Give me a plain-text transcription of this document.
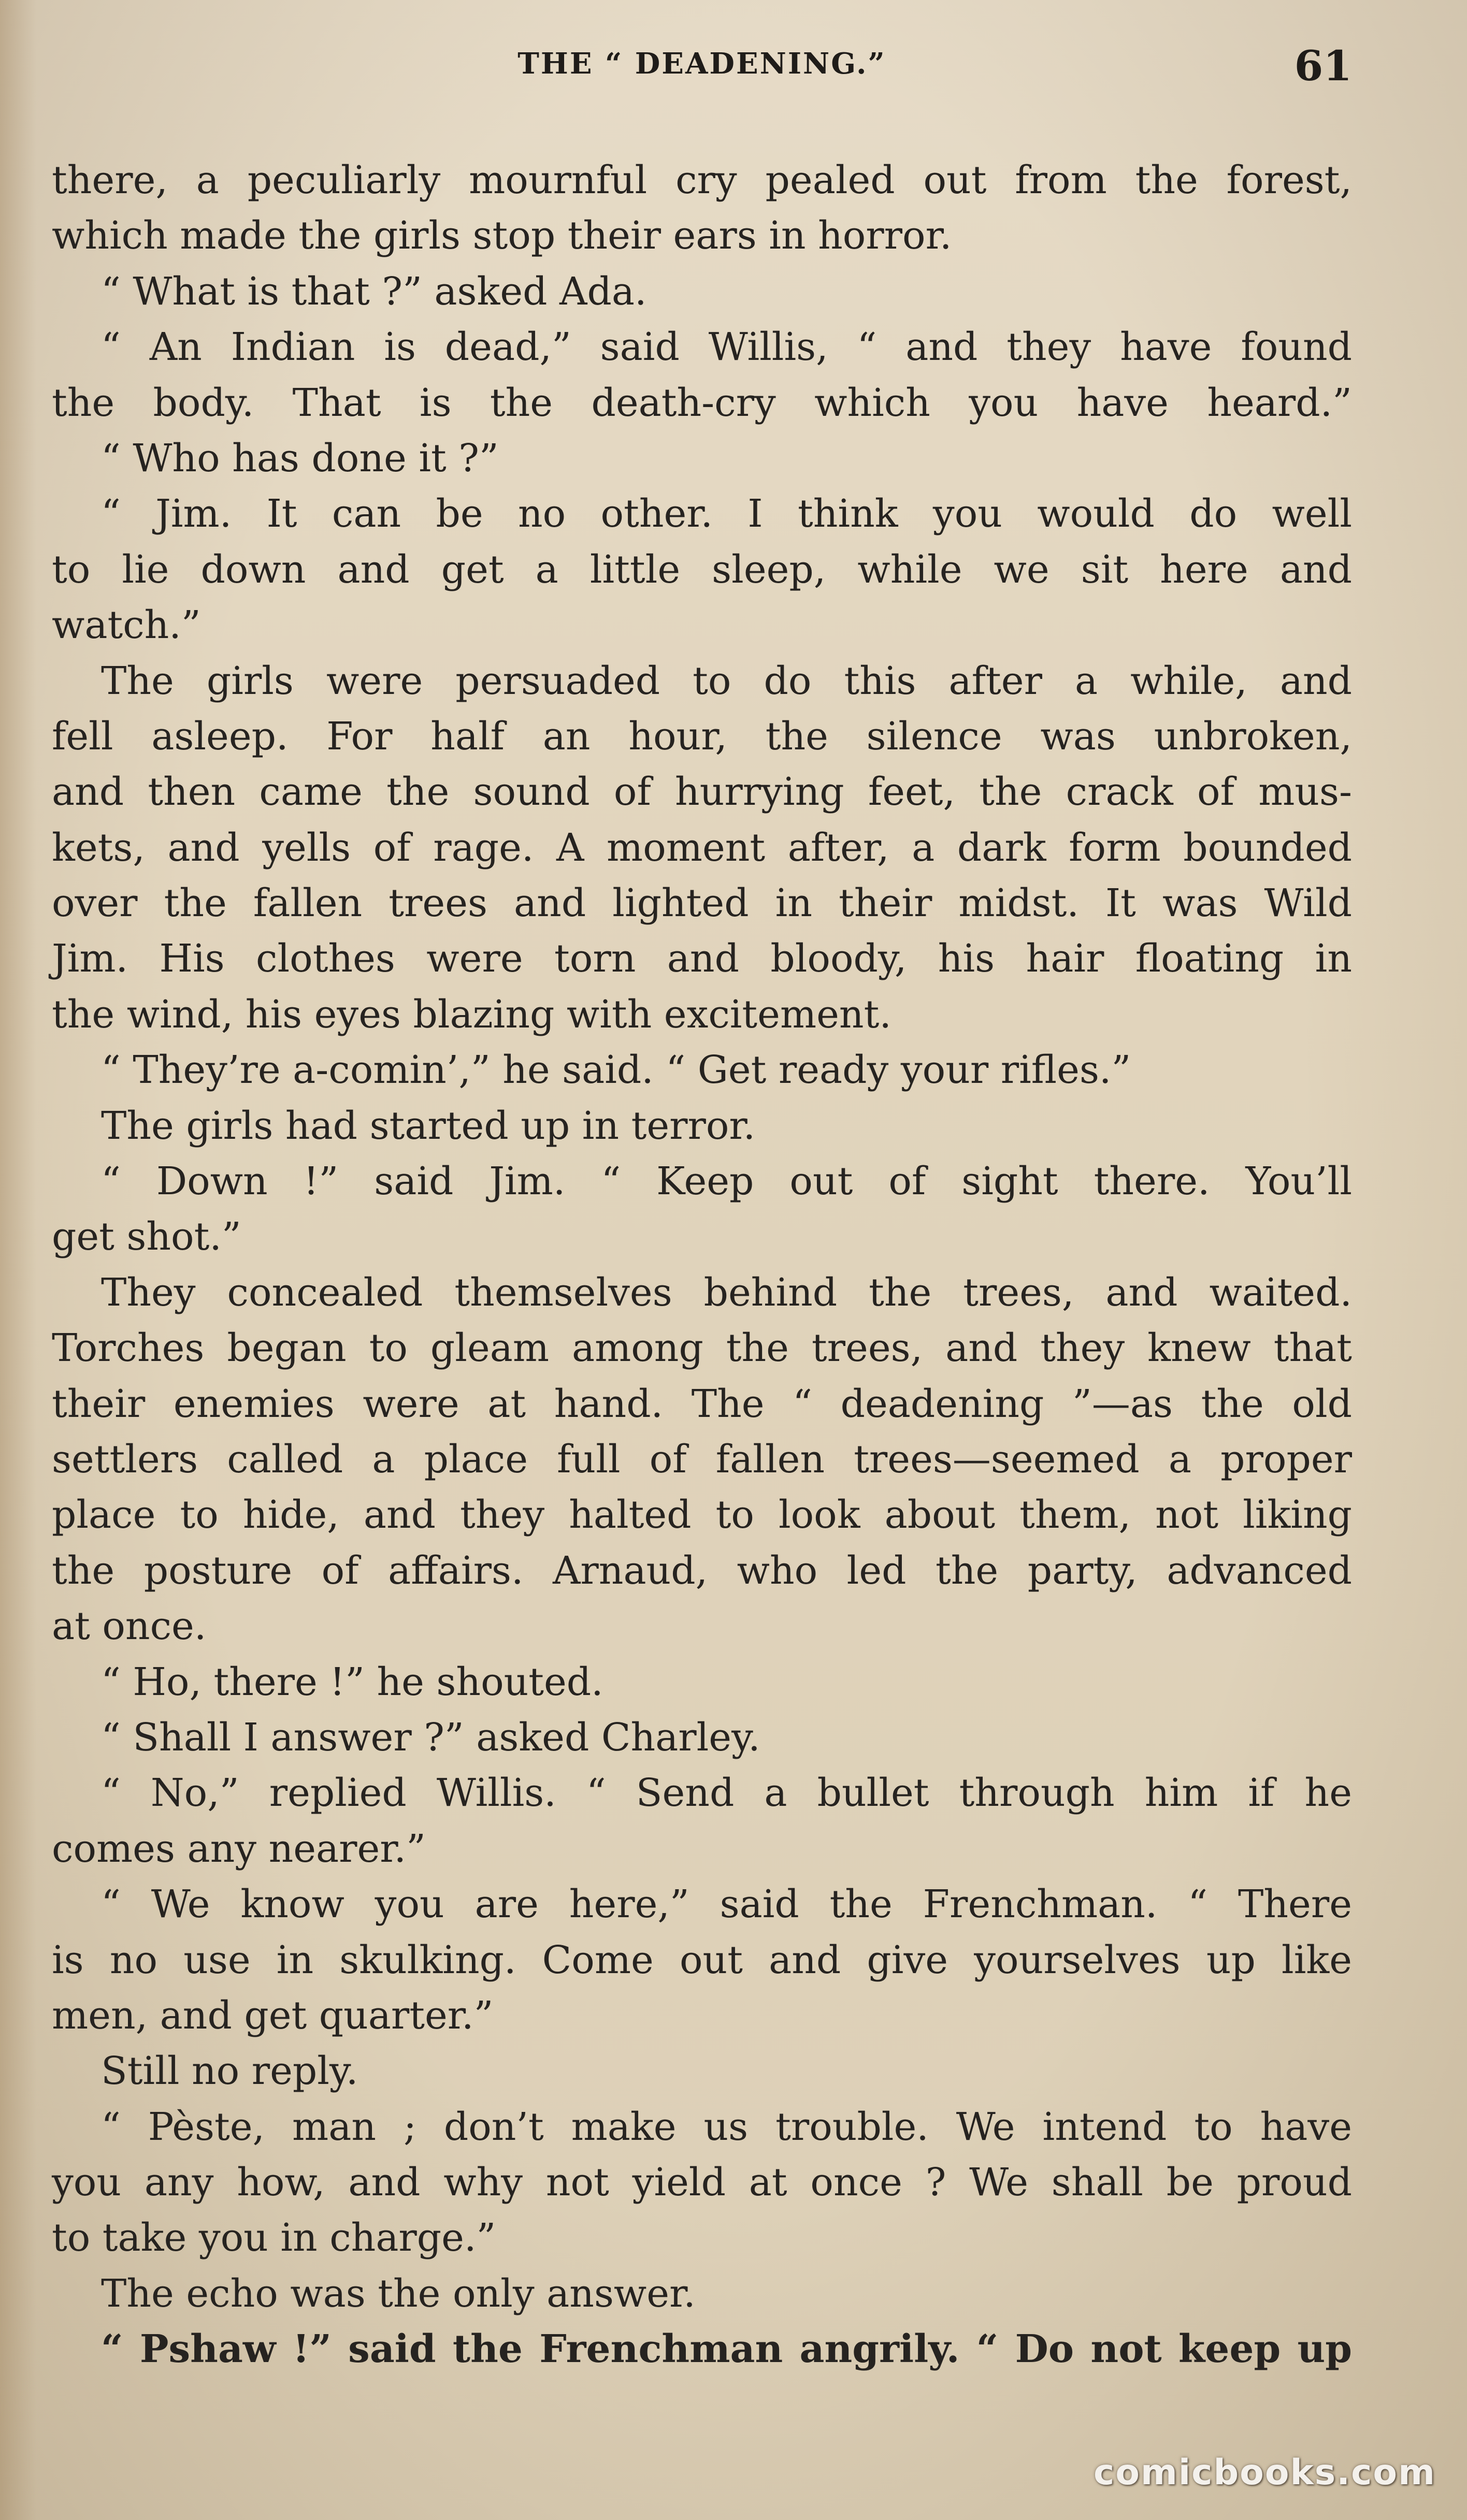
THE “ DEADENING.”	61
there, a peculiarly mournful cry pealed out from the forest,
which made the girls stop their ears in horror.
“ What is that ?” asked Ada.
“ An Indian is dead,” said Willis, “ and they have found
the body. That is the death-cry which you have heard.”
“ Who has done it ?”
“ Jim. It can be no other. I think you would do well
to lie down and get a little sleep, while we sit here and
watch.”
The girls were persuaded to do this after a while, and
fell asleep. For half an hour, the silence was unbroken,
and then came the sound of hurrying feet, the crack of mus-
kets, and yells of rage. A moment after, a dark form bounded
over the fallen trees and lighted in their midst. It was Wild
Jim. His clothes were torn and bloody, his hair floating in
the wind, his eyes blazing with excitement.
“ They’re a-comin’,” he said. “ Get ready your rifles.”
The girls had started up in terror.
“ Down !” said Jim. “ Keep out of sight there. You’ll
get shot.”
They concealed themselves behind the trees, and waited.
Torches began to gleam among the trees, and they knew that
their enemies were at hand. The “ deadening ”—as the old
settlers called a place full of fallen trees—seemed a proper
place to hide, and they halted to look about them, not liking
the posture of affairs. Arnaud, who led the party, advanced
at once.
“ Ho, there !” he shouted.
“ Shall I answer ?” asked Charley.
“ No,” replied Willis. “ Send a bullet through him if he
comes any nearer.”
“ We know you are here,” said the Frenchman. “ There
is no use in skulking. Come out and give yourselves up like
men, and get quarter.”
Still no reply.
“ Pèste, man ; don’t make us trouble. We intend to have
you any how, and why not yield at once ? We shall be proud
to take you in charge.”
The echo was the only answer.
“ Pshaw !” said the Frenchman angrily. “ Do not keep up
comicbooks.com
